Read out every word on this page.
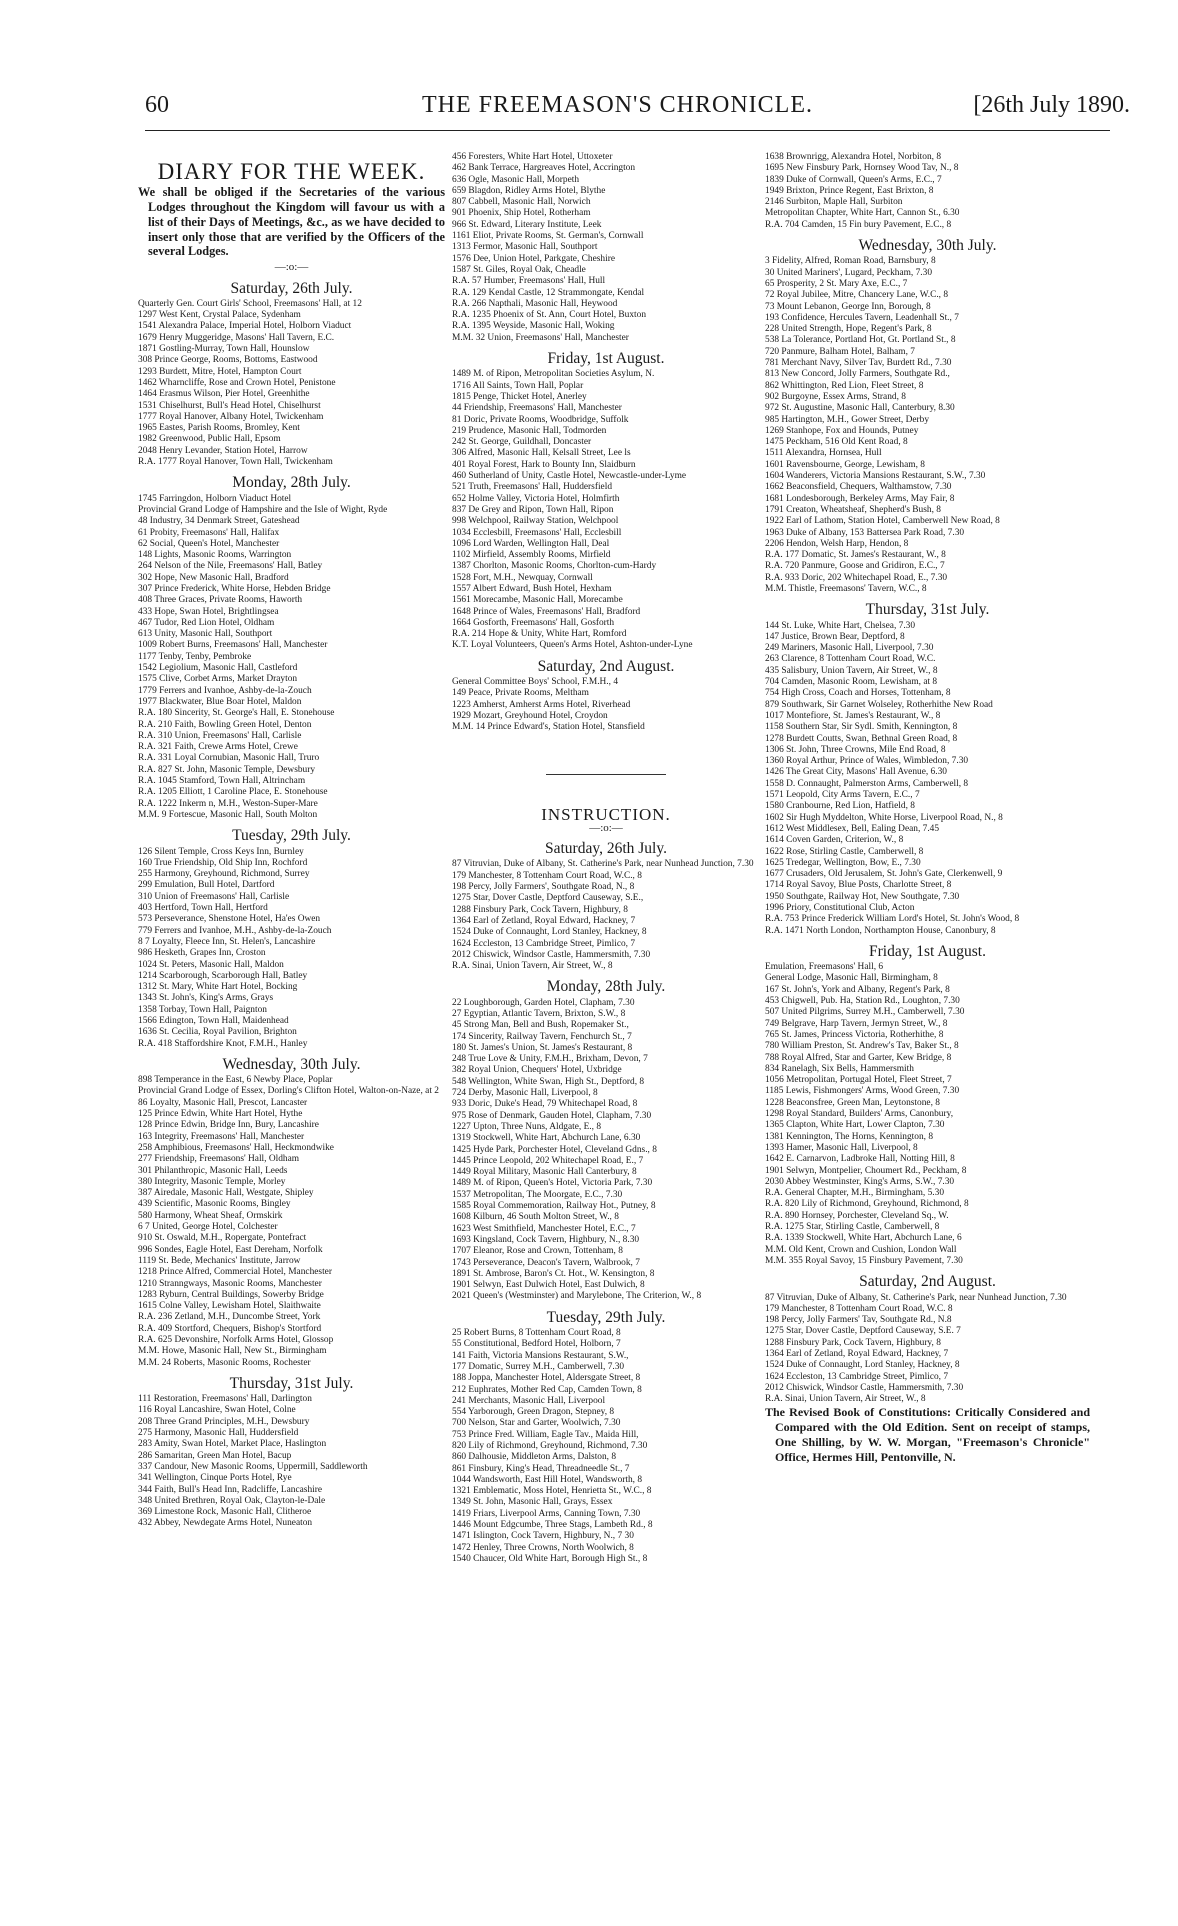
60	THE FREEMASON'S CHRONICLE.	[26th July 1890.
DIARY FOR THE WEEK.

We shall be obliged if the Secretaries of the various Lodges throughout the Kingdom will favour us with a list of their Days of Meetings, &c., as we have decided to insert only those that are verified by the Officers of the several Lodges.

—:o:—
Saturday, 26th July.

Quarterly Gen. Court Girls' School, Freemasons' Hall, at 12

1297 West Kent, Crystal Palace, Sydenham

1541 Alexandra Palace, Imperial Hotel, Holborn Viaduct

1679 Henry Muggeridge, Masons' Hall Tavern, E.C.

1871 Gostling-Murray, Town Hall, Hounslow

308 Prince George, Rooms, Bottoms, Eastwood

1293 Burdett, Mitre, Hotel, Hampton Court

1462 Wharncliffe, Rose and Crown Hotel, Penistone

1464 Erasmus Wilson, Pier Hotel, Greenhithe

1531 Chiselhurst, Bull's Head Hotel, Chiselhurst

1777 Royal Hanover, Albany Hotel, Twickenham

1965 Eastes, Parish Rooms, Bromley, Kent

1982 Greenwood, Public Hall, Epsom

2048 Henry Levander, Station Hotel, Harrow

R.A. 1777 Royal Hanover, Town Hall, Twickenham

Monday, 28th July.

1745 Farringdon, Holborn Viaduct Hotel

Provincial Grand Lodge of Hampshire and the Isle of Wight, Ryde

48 Industry, 34 Denmark Street, Gateshead

61 Probity, Freemasons' Hall, Halifax

62 Social, Queen's Hotel, Manchester

148 Lights, Masonic Rooms, Warrington

264 Nelson of the Nile, Freemasons' Hall, Batley

302 Hope, New Masonic Hall, Bradford

307 Prince Frederick, White Horse, Hebden Bridge

408 Three Graces, Private Rooms, Haworth

433 Hope, Swan Hotel, Brightlingsea

467 Tudor, Red Lion Hotel, Oldham

613 Unity, Masonic Hall, Southport

1009 Robert Burns, Freemasons' Hall, Manchester

1177 Tenby, Tenby, Pembroke

1542 Legiolium, Masonic Hall, Castleford

1575 Clive, Corbet Arms, Market Drayton

1779 Ferrers and Ivanhoe, Ashby-de-la-Zouch

1977 Blackwater, Blue Boar Hotel, Maldon

R.A. 180 Sincerity, St. George's Hall, E. Stonehouse

R.A. 210 Faith, Bowling Green Hotel, Denton

R.A. 310 Union, Freemasons' Hall, Carlisle

R.A. 321 Faith, Crewe Arms Hotel, Crewe

R.A. 331 Loyal Cornubian, Masonic Hall, Truro

R.A. 827 St. John, Masonic Temple, Dewsbury

R.A. 1045 Stamford, Town Hall, Altrincham

R.A. 1205 Elliott, 1 Caroline Place, E. Stonehouse

R.A. 1222 Inkerm n, M.H., Weston-Super-Mare

M.M. 9 Fortescue, Masonic Hall, South Molton

Tuesday, 29th July.

126 Silent Temple, Cross Keys Inn, Burnley

160 True Friendship, Old Ship Inn, Rochford

255 Harmony, Greyhound, Richmond, Surrey

299 Emulation, Bull Hotel, Dartford

310 Union of Freemasons' Hall, Carlisle

403 Hertford, Town Hall, Hertford

573 Perseverance, Shenstone Hotel, Ha'es Owen

779 Ferrers and Ivanhoe, M.H., Ashby-de-la-Zouch

8 7 Loyalty, Fleece Inn, St. Helen's, Lancashire

986 Hesketh, Grapes Inn, Croston

1024 St. Peters, Masonic Hall, Maldon

1214 Scarborough, Scarborough Hall, Batley

1312 St. Mary, White Hart Hotel, Bocking

1343 St. John's, King's Arms, Grays

1358 Torbay, Town Hall, Paignton

1566 Edington, Town Hall, Maidenhead

1636 St. Cecilia, Royal Pavilion, Brighton

R.A. 418 Staffordshire Knot, F.M.H., Hanley

Wednesday, 30th July.

898 Temperance in the East, 6 Newby Place, Poplar

Provincial Grand Lodge of Essex, Dorling's Clifton Hotel, Walton-on-Naze, at 2

86 Loyalty, Masonic Hall, Prescot, Lancaster

125 Prince Edwin, White Hart Hotel, Hythe

128 Prince Edwin, Bridge Inn, Bury, Lancashire

163 Integrity, Freemasons' Hall, Manchester

258 Amphibious, Freemasons' Hall, Heckmondwike

277 Friendship, Freemasons' Hall, Oldham

301 Philanthropic, Masonic Hall, Leeds

380 Integrity, Masonic Temple, Morley

387 Airedale, Masonic Hall, Westgate, Shipley

439 Scientific, Masonic Rooms, Bingley

580 Harmony, Wheat Sheaf, Ormskirk

6 7 United, George Hotel, Colchester

910 St. Oswald, M.H., Ropergate, Pontefract

996 Sondes, Eagle Hotel, East Dereham, Norfolk

1119 St. Bede, Mechanics' Institute, Jarrow

1218 Prince Alfred, Commercial Hotel, Manchester

1210 Stranngways, Masonic Rooms, Manchester

1283 Ryburn, Central Buildings, Sowerby Bridge

1615 Colne Valley, Lewisham Hotel, Slaithwaite

R.A. 236 Zetland, M.H., Duncombe Street, York

R.A. 409 Stortford, Chequers, Bishop's Stortford

R.A. 625 Devonshire, Norfolk Arms Hotel, Glossop

M.M. Howe, Masonic Hall, New St., Birmingham

M.M. 24 Roberts, Masonic Rooms, Rochester

Thursday, 31st July.

111 Restoration, Freemasons' Hall, Darlington

116 Royal Lancashire, Swan Hotel, Colne

208 Three Grand Principles, M.H., Dewsbury

275 Harmony, Masonic Hall, Huddersfield

283 Amity, Swan Hotel, Market Place, Haslington

286 Samaritan, Green Man Hotel, Bacup

337 Candour, New Masonic Rooms, Uppermill, Saddleworth

341 Wellington, Cinque Ports Hotel, Rye

344 Faith, Bull's Head Inn, Radcliffe, Lancashire

348 United Brethren, Royal Oak, Clayton-le-Dale

369 Limestone Rock, Masonic Hall, Clitheroe

432 Abbey, Newdegate Arms Hotel, Nuneaton

456 Foresters, White Hart Hotel, Uttoxeter

462 Bank Terrace, Hargreaves Hotel, Accrington

636 Ogle, Masonic Hall, Morpeth

659 Blagdon, Ridley Arms Hotel, Blythe

807 Cabbell, Masonic Hall, Norwich

901 Phoenix, Ship Hotel, Rotherham

966 St. Edward, Literary Institute, Leek

1161 Eliot, Private Rooms, St. German's, Cornwall

1313 Fermor, Masonic Hall, Southport

1576 Dee, Union Hotel, Parkgate, Cheshire

1587 St. Giles, Royal Oak, Cheadle

R.A. 57 Humber, Freemasons' Hall, Hull

R.A. 129 Kendal Castle, 12 Strammongate, Kendal

R.A. 266 Napthali, Masonic Hall, Heywood

R.A. 1235 Phoenix of St. Ann, Court Hotel, Buxton

R.A. 1395 Weyside, Masonic Hall, Woking

M.M. 32 Union, Freemasons' Hall, Manchester

Friday, 1st August.

1489 M. of Ripon, Metropolitan Societies Asylum, N.

1716 All Saints, Town Hall, Poplar

1815 Penge, Thicket Hotel, Anerley

44 Friendship, Freemasons' Hall, Manchester

81 Doric, Private Rooms, Woodbridge, Suffolk

219 Prudence, Masonic Hall, Todmorden

242 St. George, Guildhall, Doncaster

306 Alfred, Masonic Hall, Kelsall Street, Lee ls

401 Royal Forest, Hark to Bounty Inn, Slaidburn

460 Sutherland of Unity, Castle Hotel, Newcastle-under-Lyme

521 Truth, Freemasons' Hall, Huddersfield

652 Holme Valley, Victoria Hotel, Holmfirth

837 De Grey and Ripon, Town Hall, Ripon

998 Welchpool, Railway Station, Welchpool

1034 Ecclesbill, Freemasons' Hall, Ecclesbill

1096 Lord Warden, Wellington Hall, Deal

1102 Mirfield, Assembly Rooms, Mirfield

1387 Chorlton, Masonic Rooms, Chorlton-cum-Hardy

1528 Fort, M.H., Newquay, Cornwall

1557 Albert Edward, Bush Hotel, Hexham

1561 Morecambe, Masonic Hall, Morecambe

1648 Prince of Wales, Freemasons' Hall, Bradford

1664 Gosforth, Freemasons' Hall, Gosforth

R.A. 214 Hope & Unity, White Hart, Romford

K.T. Loyal Volunteers, Queen's Arms Hotel, Ashton-under-Lyne

Saturday, 2nd August.

General Committee Boys' School, F.M.H., 4

149 Peace, Private Rooms, Meltham

1223 Amherst, Amherst Arms Hotel, Riverhead

1929 Mozart, Greyhound Hotel, Croydon

M.M. 14 Prince Edward's, Station Hotel, Stansfield

INSTRUCTION.
—:o:—
Saturday, 26th July.

87 Vitruvian, Duke of Albany, St. Catherine's Park, near Nunhead Junction, 7.30

179 Manchester, 8 Tottenham Court Road, W.C., 8

198 Percy, Jolly Farmers', Southgate Road, N., 8

1275 Star, Dover Castle, Deptford Causeway, S.E.,

1288 Finsbury Park, Cock Tavern, Highbury, 8

1364 Earl of Zetland, Royal Edward, Hackney, 7

1524 Duke of Connaught, Lord Stanley, Hackney, 8

1624 Eccleston, 13 Cambridge Street, Pimlico, 7

2012 Chiswick, Windsor Castle, Hammersmith, 7.30

R.A. Sinai, Union Tavern, Air Street, W., 8

Monday, 28th July.

22 Loughborough, Garden Hotel, Clapham, 7.30

27 Egyptian, Atlantic Tavern, Brixton, S.W., 8

45 Strong Man, Bell and Bush, Ropemaker St.,

174 Sincerity, Railway Tavern, Fenchurch St., 7

180 St. James's Union, St. James's Restaurant, 8

248 True Love & Unity, F.M.H., Brixham, Devon, 7

382 Royal Union, Chequers' Hotel, Uxbridge

548 Wellington, White Swan, High St., Deptford, 8

724 Derby, Masonic Hall, Liverpool, 8

933 Doric, Duke's Head, 79 Whitechapel Road, 8

975 Rose of Denmark, Gauden Hotel, Clapham, 7.30

1227 Upton, Three Nuns, Aldgate, E., 8

1319 Stockwell, White Hart, Abchurch Lane, 6.30

1425 Hyde Park, Porchester Hotel, Cleveland Gdns., 8

1445 Prince Leopold, 202 Whitechapel Road, E., 7

1449 Royal Military, Masonic Hall Canterbury, 8

1489 M. of Ripon, Queen's Hotel, Victoria Park, 7.30

1537 Metropolitan, The Moorgate, E.C., 7.30

1585 Royal Commemoration, Railway Hot., Putney, 8

1608 Kilburn, 46 South Molton Street, W., 8

1623 West Smithfield, Manchester Hotel, E.C., 7

1693 Kingsland, Cock Tavern, Highbury, N., 8.30

1707 Eleanor, Rose and Crown, Tottenham, 8

1743 Perseverance, Deacon's Tavern, Walbrook, 7

1891 St. Ambrose, Baron's Ct. Hot., W. Kensington, 8

1901 Selwyn, East Dulwich Hotel, East Dulwich, 8

2021 Queen's (Westminster) and Marylebone, The Criterion, W., 8

Tuesday, 29th July.

25 Robert Burns, 8 Tottenham Court Road, 8

55 Constitutional, Bedford Hotel, Holborn, 7

141 Faith, Victoria Mansions Restaurant, S.W.,

177 Domatic, Surrey M.H., Camberwell, 7.30

188 Joppa, Manchester Hotel, Aldersgate Street, 8

212 Euphrates, Mother Red Cap, Camden Town, 8

241 Merchants, Masonic Hall, Liverpool

554 Yarborough, Green Dragon, Stepney, 8

700 Nelson, Star and Garter, Woolwich, 7.30

753 Prince Fred. William, Eagle Tav., Maida Hill,

820 Lily of Richmond, Greyhound, Richmond, 7.30

860 Dalhousie, Middleton Arms, Dalston, 8

861 Finsbury, King's Head, Threadneedle St., 7

1044 Wandsworth, East Hill Hotel, Wandsworth, 8

1321 Emblematic, Moss Hotel, Henrietta St., W.C., 8

1349 St. John, Masonic Hall, Grays, Essex

1419 Friars, Liverpool Arms, Canning Town, 7.30

1446 Mount Edgcumbe, Three Stags, Lambeth Rd., 8

1471 Islington, Cock Tavern, Highbury, N., 7 30

1472 Henley, Three Crowns, North Woolwich, 8

1540 Chaucer, Old White Hart, Borough High St., 8

1638 Brownrigg, Alexandra Hotel, Norbiton, 8

1695 New Finsbury Park, Hornsey Wood Tav, N., 8

1839 Duke of Cornwall, Queen's Arms, E.C., 7

1949 Brixton, Prince Regent, East Brixton, 8

2146 Surbiton, Maple Hall, Surbiton

Metropolitan Chapter, White Hart, Cannon St., 6.30

R.A. 704 Camden, 15 Fin bury Pavement, E.C., 8

Wednesday, 30th July.

3 Fidelity, Alfred, Roman Road, Barnsbury, 8

30 United Mariners', Lugard, Peckham, 7.30

65 Prosperity, 2 St. Mary Axe, E.C., 7

72 Royal Jubilee, Mitre, Chancery Lane, W.C., 8

73 Mount Lebanon, George Inn, Borough, 8

193 Confidence, Hercules Tavern, Leadenhall St., 7

228 United Strength, Hope, Regent's Park, 8

538 La Tolerance, Portland Hot, Gt. Portland St., 8

720 Panmure, Balham Hotel, Balham, 7

781 Merchant Navy, Silver Tav, Burdett Rd., 7.30

813 New Concord, Jolly Farmers, Southgate Rd.,

862 Whittington, Red Lion, Fleet Street, 8

902 Burgoyne, Essex Arms, Strand, 8

972 St. Augustine, Masonic Hall, Canterbury, 8.30

985 Hartington, M.H., Gower Street, Derby

1269 Stanhope, Fox and Hounds, Putney

1475 Peckham, 516 Old Kent Road, 8

1511 Alexandra, Hornsea, Hull

1601 Ravensbourne, George, Lewisham, 8

1604 Wanderers, Victoria Mansions Restaurant, S.W., 7.30

1662 Beaconsfield, Chequers, Walthamstow, 7.30

1681 Londesborough, Berkeley Arms, May Fair, 8

1791 Creaton, Wheatsheaf, Shepherd's Bush, 8

1922 Earl of Lathom, Station Hotel, Camberwell New Road, 8

1963 Duke of Albany, 153 Battersea Park Road, 7.30

2206 Hendon, Welsh Harp, Hendon, 8

R.A. 177 Domatic, St. James's Restaurant, W., 8

R.A. 720 Panmure, Goose and Gridiron, E.C., 7

R.A. 933 Doric, 202 Whitechapel Road, E., 7.30

M.M. Thistle, Freemasons' Tavern, W.C., 8

Thursday, 31st July.

144 St. Luke, White Hart, Chelsea, 7.30

147 Justice, Brown Bear, Deptford, 8

249 Mariners, Masonic Hall, Liverpool, 7.30

263 Clarence, 8 Tottenham Court Road, W.C.

435 Salisbury, Union Tavern, Air Street, W., 8

704 Camden, Masonic Room, Lewisham, at 8

754 High Cross, Coach and Horses, Tottenham, 8

879 Southwark, Sir Garnet Wolseley, Rotherhithe New Road

1017 Montefiore, St. James's Restaurant, W., 8

1158 Southern Star, Sir Sydl. Smith, Kennington, 8

1278 Burdett Coutts, Swan, Bethnal Green Road, 8

1306 St. John, Three Crowns, Mile End Road, 8

1360 Royal Arthur, Prince of Wales, Wimbledon, 7.30

1426 The Great City, Masons' Hall Avenue, 6.30

1558 D. Connaught, Palmerston Arms, Camberwell, 8

1571 Leopold, City Arms Tavern, E.C., 7

1580 Cranbourne, Red Lion, Hatfield, 8

1602 Sir Hugh Myddelton, White Horse, Liverpool Road, N., 8

1612 West Middlesex, Bell, Ealing Dean, 7.45

1614 Coven Garden, Criterion, W., 8

1622 Rose, Stirling Castle, Camberwell, 8

1625 Tredegar, Wellington, Bow, E., 7.30

1677 Crusaders, Old Jerusalem, St. John's Gate, Clerkenwell, 9

1714 Royal Savoy, Blue Posts, Charlotte Street, 8

1950 Southgate, Railway Hot, New Southgate, 7.30

1996 Priory, Constitutional Club, Acton

R.A. 753 Prince Frederick William Lord's Hotel, St. John's Wood, 8

R.A. 1471 North London, Northampton House, Canonbury, 8

Friday, 1st August.

Emulation, Freemasons' Hall, 6

General Lodge, Masonic Hall, Birmingham, 8

167 St. John's, York and Albany, Regent's Park, 8

453 Chigwell, Pub. Ha, Station Rd., Loughton, 7.30

507 United Pilgrims, Surrey M.H., Camberwell, 7.30

749 Belgrave, Harp Tavern, Jermyn Street, W., 8

765 St. James, Princess Victoria, Rotherhithe, 8

780 William Preston, St. Andrew's Tav, Baker St., 8

788 Royal Alfred, Star and Garter, Kew Bridge, 8

834 Ranelagh, Six Bells, Hammersmith

1056 Metropolitan, Portugal Hotel, Fleet Street, 7

1185 Lewis, Fishmongers' Arms, Wood Green, 7.30

1228 Beaconsfree, Green Man, Leytonstone, 8

1298 Royal Standard, Builders' Arms, Canonbury,

1365 Clapton, White Hart, Lower Clapton, 7.30

1381 Kennington, The Horns, Kennington, 8

1393 Hamer, Masonic Hall, Liverpool, 8

1642 E. Carnarvon, Ladbroke Hall, Notting Hill, 8

1901 Selwyn, Montpelier, Choumert Rd., Peckham, 8

2030 Abbey Westminster, King's Arms, S.W., 7.30

R.A. General Chapter, M.H., Birmingham, 5.30

R.A. 820 Lily of Richmond, Greyhound, Richmond, 8

R.A. 890 Hornsey, Porchester, Cleveland Sq., W.

R.A. 1275 Star, Stirling Castle, Camberwell, 8

R.A. 1339 Stockwell, White Hart, Abchurch Lane, 6

M.M. Old Kent, Crown and Cushion, London Wall

M.M. 355 Royal Savoy, 15 Finsbury Pavement, 7.30

Saturday, 2nd August.

87 Vitruvian, Duke of Albany, St. Catherine's Park, near Nunhead Junction, 7.30

179 Manchester, 8 Tottenham Court Road, W.C. 8

198 Percy, Jolly Farmers' Tav, Southgate Rd., N.8

1275 Star, Dover Castle, Deptford Causeway, S.E. 7

1288 Finsbury Park, Cock Tavern, Highbury, 8

1364 Earl of Zetland, Royal Edward, Hackney, 7

1524 Duke of Connaught, Lord Stanley, Hackney, 8

1624 Eccleston, 13 Cambridge Street, Pimlico, 7

2012 Chiswick, Windsor Castle, Hammersmith, 7.30

R.A. Sinai, Union Tavern, Air Street, W., 8

The Revised Book of Constitutions: Critically Considered and Compared with the Old Edition. Sent on receipt of stamps, One Shilling, by W. W. Morgan, "Freemason's Chronicle" Office, Hermes Hill, Pentonville, N.
